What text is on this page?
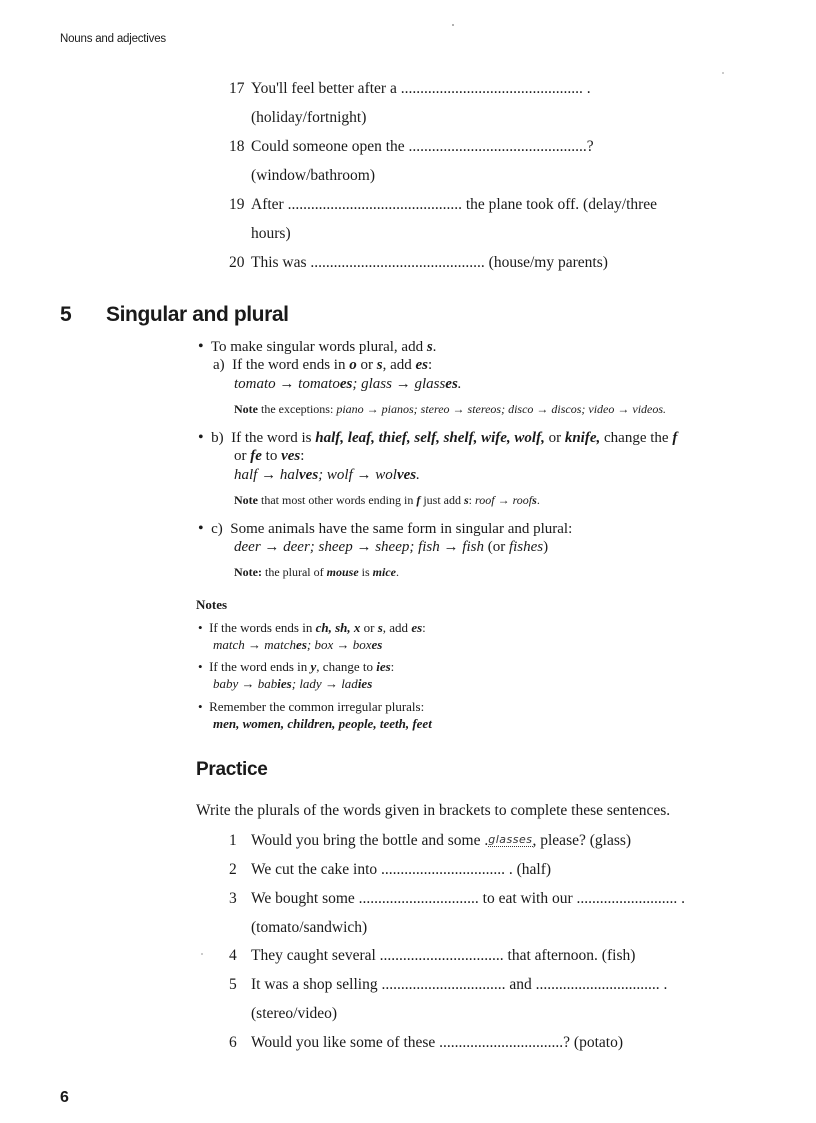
Nouns and adjectives
17 You'll feel better after a ............................................... .
(holiday/fortnight)
18 Could someone open the ..............................................?
(window/bathroom)
19 After ............................................. the plane took off. (delay/three
hours)
20 This was ............................................. (house/my parents)
5 Singular and plural
• To make singular words plural, add s.
a) If the word ends in o or s, add es:
tomato → tomatoes; glass → glasses.
Note the exceptions: piano → pianos; stereo → stereos; disco → discos; video → videos.
• b) If the word is half, leaf, thief, self, shelf, wife, wolf, or knife, change the f
or fe to ves:
half → halves; wolf → wolves.
Note that most other words ending in f just add s: roof → roofs.
• c) Some animals have the same form in singular and plural:
deer → deer; sheep → sheep; fish → fish (or fishes)
Note: the plural of mouse is mice.
Notes
• If the words ends in ch, sh, x or s, add es:
match → matches; box → boxes
• If the word ends in y, change to ies:
baby → babies; lady → ladies
• Remember the common irregular plurals:
men, women, children, people, teeth, feet
Practice
Write the plurals of the words given in brackets to complete these sentences.
1 Would you bring the bottle and some .glasses, please? (glass)
2 We cut the cake into ................................ . (half)
3 We bought some ............................... to eat with our .......................... .
(tomato/sandwich)
4 They caught several ................................ that afternoon. (fish)
5 It was a shop selling ................................ and ................................ .
(stereo/video)
6 Would you like some of these ................................? (potato)
6
